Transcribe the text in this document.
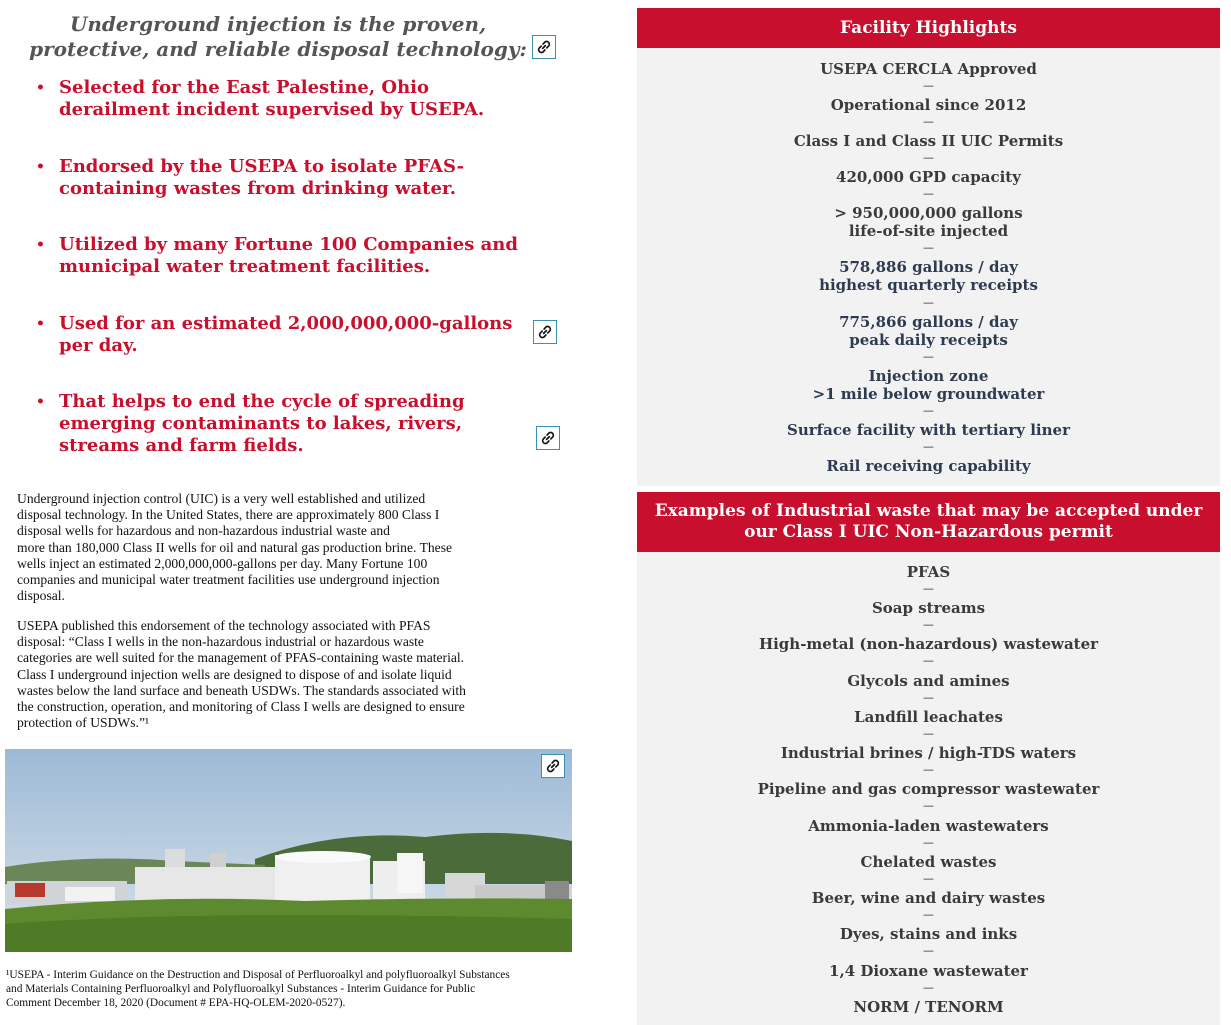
Underground injection is the proven,
protective, and reliable disposal technology:
• Selected for the East Palestine, Ohio
derailment incident supervised by USEPA.
• Endorsed by the USEPA to isolate PFAS-
containing wastes from drinking water.
• Utilized by many Fortune 100 Companies and
municipal water treatment facilities.
• Used for an estimated 2,000,000,000-gallons
per day.
• That helps to end the cycle of spreading
emerging contaminants to lakes, rivers,
streams and farm fields.
Underground injection control (UIC) is a very well established and utilized
disposal technology. In the United States, there are approximately 800 Class I
disposal wells for hazardous and non-hazardous industrial waste and
more than 180,000 Class II wells for oil and natural gas production brine. These
wells inject an estimated 2,000,000,000-gallons per day. Many Fortune 100
companies and municipal water treatment facilities use underground injection
disposal.
USEPA published this endorsement of the technology associated with PFAS
disposal: “Class I wells in the non-hazardous industrial or hazardous waste
categories are well suited for the management of PFAS-containing waste material.
Class I underground injection wells are designed to dispose of and isolate liquid
wastes below the land surface and beneath USDWs. The standards associated with
the construction, operation, and monitoring of Class I wells are designed to ensure
protection of USDWs.”¹
¹USEPA - Interim Guidance on the Destruction and Disposal of Perfluoroalkyl and polyfluoroalkyl Substances
and Materials Containing Perfluoroalkyl and Polyfluoroalkyl Substances - Interim Guidance for Public
Comment December 18, 2020 (Document # EPA-HQ-OLEM-2020-0527).
Facility Highlights
USEPA CERCLA Approved
—
Operational since 2012
—
Class I and Class II UIC Permits
—
420,000 GPD capacity
—
> 950,000,000 gallons
life-of-site injected
—
578,886 gallons / day
highest quarterly receipts
—
775,866 gallons / day
peak daily receipts
—
Injection zone
>1 mile below groundwater
—
Surface facility with tertiary liner
—
Rail receiving capability
Examples of Industrial waste that may be accepted under
our Class I UIC Non-Hazardous permit
PFAS
—
Soap streams
—
High-metal (non-hazardous) wastewater
—
Glycols and amines
—
Landfill leachates
—
Industrial brines / high-TDS waters
—
Pipeline and gas compressor wastewater
—
Ammonia-laden wastewaters
—
Chelated wastes
—
Beer, wine and dairy wastes
—
Dyes, stains and inks
—
1,4 Dioxane wastewater
—
NORM / TENORM
